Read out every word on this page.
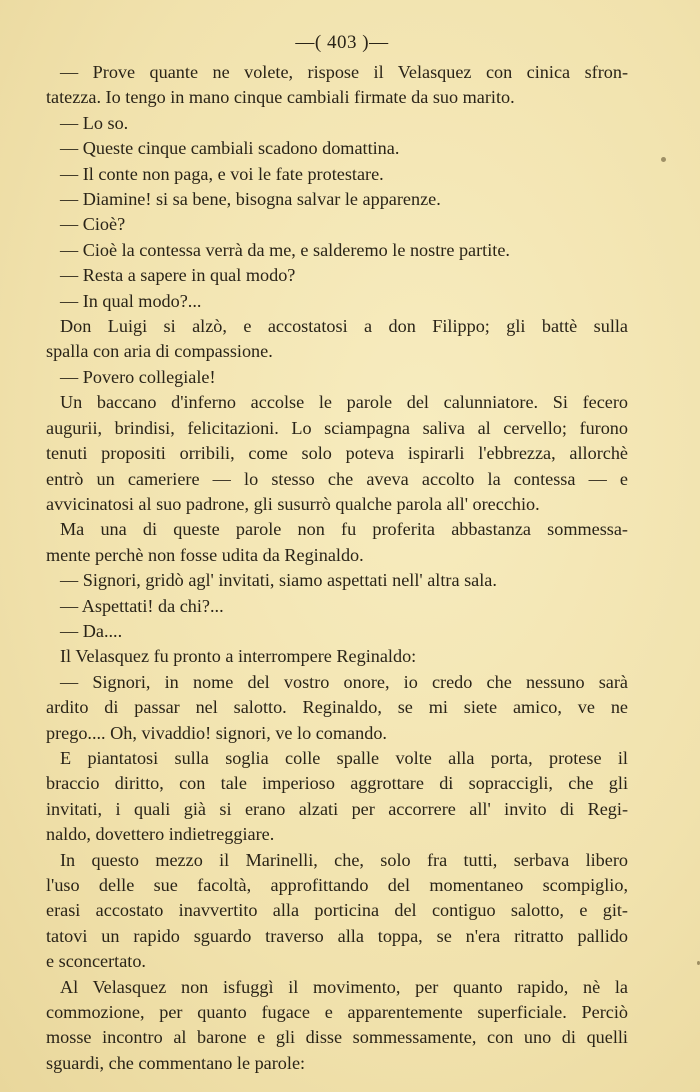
—( 403 )—
— Prove quante ne volete, rispose il Velasquez con cinica sfron-
tatezza. Io tengo in mano cinque cambiali firmate da suo marito.
— Lo so.
— Queste cinque cambiali scadono domattina.
— Il conte non paga, e voi le fate protestare.
— Diamine! si sa bene, bisogna salvar le apparenze.
— Cioè?
— Cioè la contessa verrà da me, e salderemo le nostre partite.
— Resta a sapere in qual modo?
— In qual modo?...
Don Luigi si alzò, e accostatosi a don Filippo; gli battè sulla
spalla con aria di compassione.
— Povero collegiale!
Un baccano d'inferno accolse le parole del calunniatore. Si fecero
augurii, brindisi, felicitazioni. Lo sciampagna saliva al cervello; furono
tenuti propositi orribili, come solo poteva ispirarli l'ebbrezza, allorchè
entrò un cameriere — lo stesso che aveva accolto la contessa — e
avvicinatosi al suo padrone, gli susurrò qualche parola all' orecchio.
Ma una di queste parole non fu proferita abbastanza sommessa-
mente perchè non fosse udita da Reginaldo.
— Signori, gridò agl' invitati, siamo aspettati nell' altra sala.
— Aspettati! da chi?...
— Da....
Il Velasquez fu pronto a interrompere Reginaldo:
— Signori, in nome del vostro onore, io credo che nessuno sarà
ardito di passar nel salotto. Reginaldo, se mi siete amico, ve ne
prego.... Oh, vivaddio! signori, ve lo comando.
E piantatosi sulla soglia colle spalle volte alla porta, protese il
braccio diritto, con tale imperioso aggrottare di sopraccigli, che gli
invitati, i quali già si erano alzati per accorrere all' invito di Regi-
naldo, dovettero indietreggiare.
In questo mezzo il Marinelli, che, solo fra tutti, serbava libero
l'uso delle sue facoltà, approfittando del momentaneo scompiglio,
erasi accostato inavvertito alla porticina del contiguo salotto, e git-
tatovi un rapido sguardo traverso alla toppa, se n'era ritratto pallido
e sconcertato.
Al Velasquez non isfuggì il movimento, per quanto rapido, nè la
commozione, per quanto fugace e apparentemente superficiale. Perciò
mosse incontro al barone e gli disse sommessamente, con uno di quelli
sguardi, che commentano le parole:
